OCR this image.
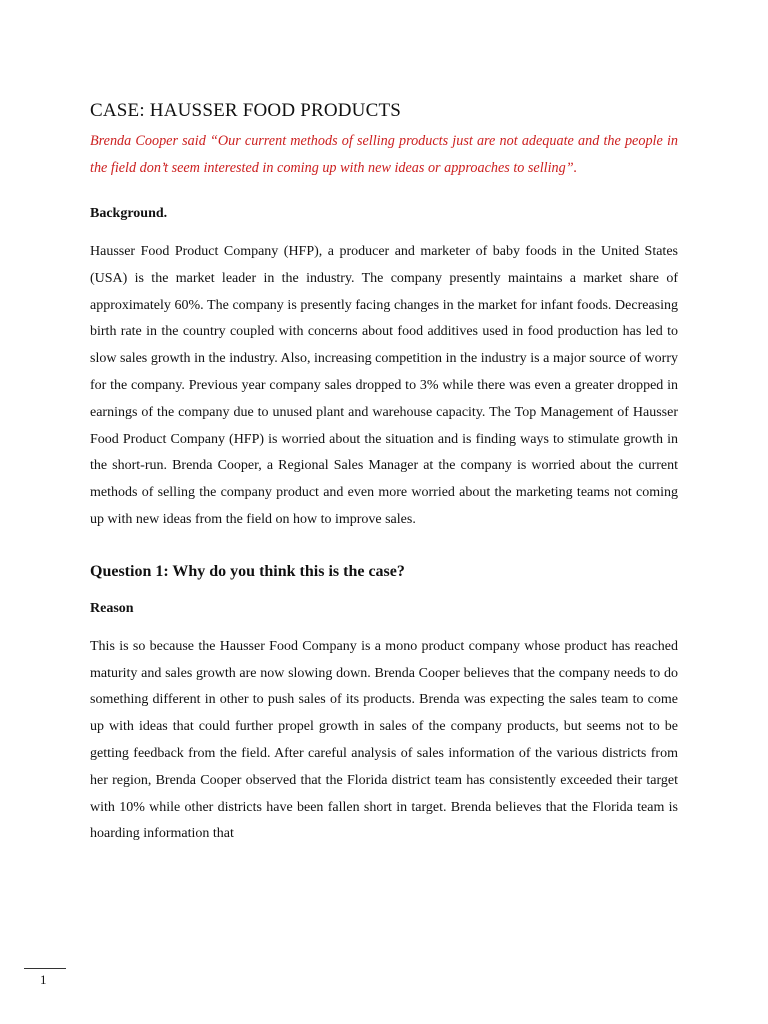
CASE: HAUSSER FOOD PRODUCTS

Brenda Cooper said “Our current methods of selling products just are not adequate and the people in the field don’t seem interested in coming up with new ideas or approaches to selling”.

Background.

Hausser Food Product Company (HFP), a producer and marketer of baby foods in the United States (USA) is the market leader in the industry. The company presently maintains a market share of approximately 60%. The company is presently facing changes in the market for infant foods. Decreasing birth rate in the country coupled with concerns about food additives used in food production has led to slow sales growth in the industry. Also, increasing competition in the industry is a major source of worry for the company. Previous year company sales dropped to 3% while there was even a greater dropped in earnings of the company due to unused plant and warehouse capacity. The Top Management of Hausser Food Product Company (HFP) is worried about the situation and is finding ways to stimulate growth in the short-run. Brenda Cooper, a Regional Sales Manager at the company is worried about the current methods of selling the company product and even more worried about the marketing teams not coming up with new ideas from the field on how to improve sales.

Question 1: Why do you think this is the case?

Reason

This is so because the Hausser Food Company is a mono product company whose product has reached maturity and sales growth are now slowing down. Brenda Cooper believes that the company needs to do something different in other to push sales of its products. Brenda was expecting the sales team to come up with ideas that could further propel growth in sales of the company products, but seems not to be getting feedback from the field. After careful analysis of sales information of the various districts from her region, Brenda Cooper observed that the Florida district team has consistently exceeded their target with 10% while other districts have been fallen short in target. Brenda believes that the Florida team is hoarding information that

1
